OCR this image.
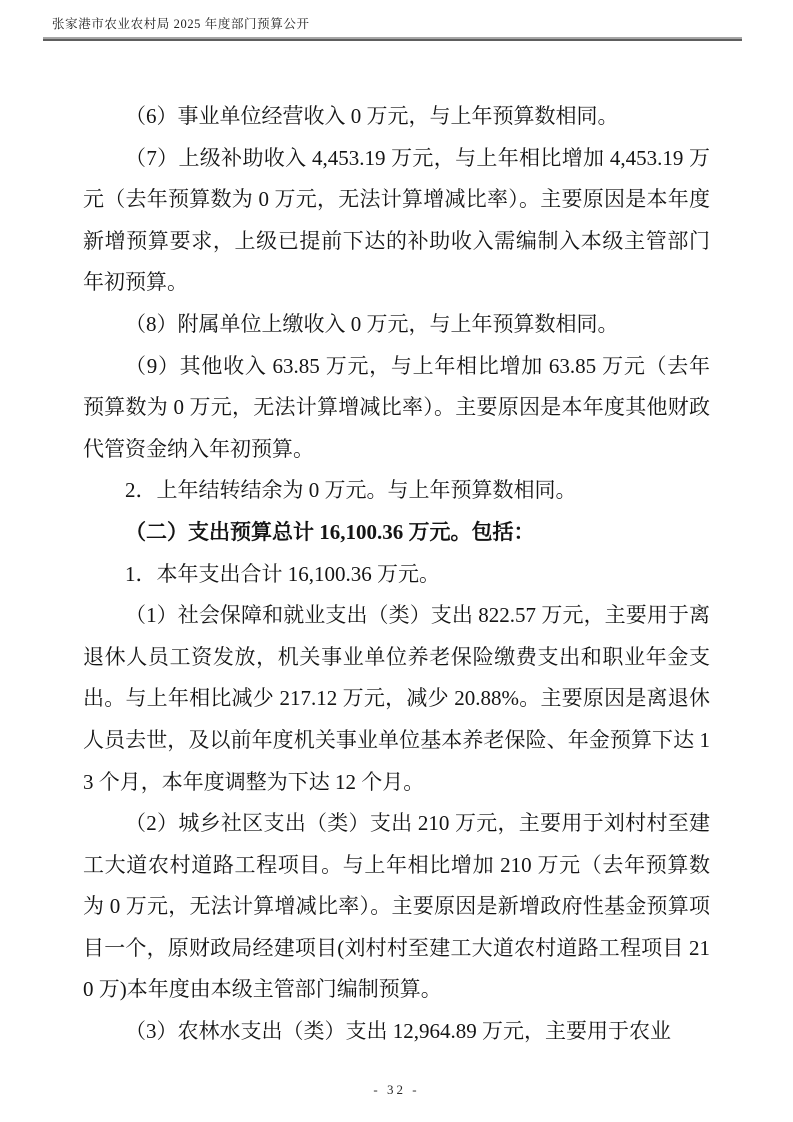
张家港市农业农村局 2025 年度部门预算公开

（6）事业单位经营收入 0 万元，与上年预算数相同。

（7）上级补助收入 4,453.19 万元，与上年相比增加 4,453.19 万元（去年预算数为 0 万元，无法计算增减比率）。主要原因是本年度新增预算要求，上级已提前下达的补助收入需编制入本级主管部门年初预算。

（8）附属单位上缴收入 0 万元，与上年预算数相同。

（9）其他收入 63.85 万元，与上年相比增加 63.85 万元（去年预算数为 0 万元，无法计算增减比率）。主要原因是本年度其他财政代管资金纳入年初预算。

2．上年结转结余为 0 万元。与上年预算数相同。

（二）支出预算总计 16,100.36 万元。包括：

1．本年支出合计 16,100.36 万元。

（1）社会保障和就业支出（类）支出 822.57 万元，主要用于离退休人员工资发放，机关事业单位养老保险缴费支出和职业年金支出。与上年相比减少 217.12 万元，减少 20.88%。主要原因是离退休人员去世，及以前年度机关事业单位基本养老保险、年金预算下达 13 个月，本年度调整为下达 12 个月。

（2）城乡社区支出（类）支出 210 万元，主要用于刘村村至建工大道农村道路工程项目。与上年相比增加 210 万元（去年预算数为 0 万元，无法计算增减比率）。主要原因是新增政府性基金预算项目一个，原财政局经建项目(刘村村至建工大道农村道路工程项目 210 万)本年度由本级主管部门编制预算。

（3）农林水支出（类）支出 12,964.89 万元，主要用于农业

- 32 -
